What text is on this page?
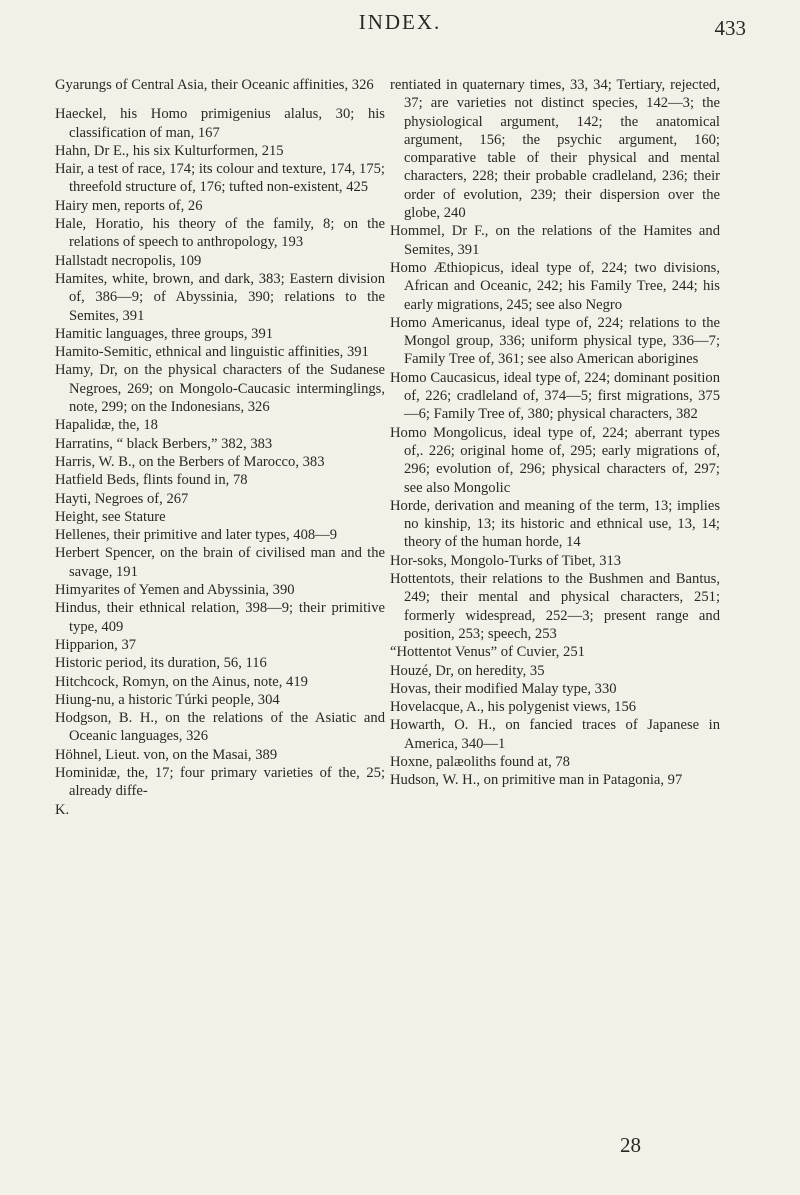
INDEX.	433

Gyarungs of Central Asia, their Oceanic affinities, 326

Haeckel, his Homo primigenius alalus, 30; his classification of man, 167

Hahn, Dr E., his six Kulturformen, 215

Hair, a test of race, 174; its colour and texture, 174, 175; threefold structure of, 176; tufted non-existent, 425

Hairy men, reports of, 26

Hale, Horatio, his theory of the family, 8; on the relations of speech to anthropology, 193

Hallstadt necropolis, 109

Hamites, white, brown, and dark, 383; Eastern division of, 386—9; of Abyssinia, 390; relations to the Semites, 391

Hamitic languages, three groups, 391

Hamito-Semitic, ethnical and linguistic affinities, 391

Hamy, Dr, on the physical characters of the Sudanese Negroes, 269; on Mongolo-Caucasic interminglings, note, 299; on the Indonesians, 326

Hapalidæ, the, 18

Harratins, “ black Berbers,” 382, 383

Harris, W. B., on the Berbers of Marocco, 383

Hatfield Beds, flints found in, 78

Hayti, Negroes of, 267

Height, see Stature

Hellenes, their primitive and later types, 408—9

Herbert Spencer, on the brain of civilised man and the savage, 191

Himyarites of Yemen and Abyssinia, 390

Hindus, their ethnical relation, 398—9; their primitive type, 409

Hipparion, 37

Historic period, its duration, 56, 116

Hitchcock, Romyn, on the Ainus, note, 419

Hiung-nu, a historic Túrki people, 304

Hodgson, B. H., on the relations of the Asiatic and Oceanic languages, 326

Höhnel, Lieut. von, on the Masai, 389

Hominidæ, the, 17; four primary varieties of the, 25; already diffe-

K.

rentiated in quaternary times, 33, 34; Tertiary, rejected, 37; are varieties not distinct species, 142—3; the physiological argument, 142; the anatomical argument, 156; the psychic argument, 160; comparative table of their physical and mental characters, 228; their probable cradleland, 236; their order of evolution, 239; their dispersion over the globe, 240

Hommel, Dr F., on the relations of the Hamites and Semites, 391

Homo Æthiopicus, ideal type of, 224; two divisions, African and Oceanic, 242; his Family Tree, 244; his early migrations, 245; see also Negro

Homo Americanus, ideal type of, 224; relations to the Mongol group, 336; uniform physical type, 336—7; Family Tree of, 361; see also American aborigines

Homo Caucasicus, ideal type of, 224; dominant position of, 226; cradleland of, 374—5; first migrations, 375—6; Family Tree of, 380; physical characters, 382

Homo Mongolicus, ideal type of, 224; aberrant types of,. 226; original home of, 295; early migrations of, 296; evolution of, 296; physical characters of, 297; see also Mongolic

Horde, derivation and meaning of the term, 13; implies no kinship, 13; its historic and ethnical use, 13, 14; theory of the human horde, 14

Hor-soks, Mongolo-Turks of Tibet, 313

Hottentots, their relations to the Bushmen and Bantus, 249; their mental and physical characters, 251; formerly widespread, 252—3; present range and position, 253; speech, 253

“Hottentot Venus” of Cuvier, 251

Houzé, Dr, on heredity, 35

Hovas, their modified Malay type, 330

Hovelacque, A., his polygenist views, 156

Howarth, O. H., on fancied traces of Japanese in America, 340—1

Hoxne, palæoliths found at, 78

Hudson, W. H., on primitive man in Patagonia, 97

28
